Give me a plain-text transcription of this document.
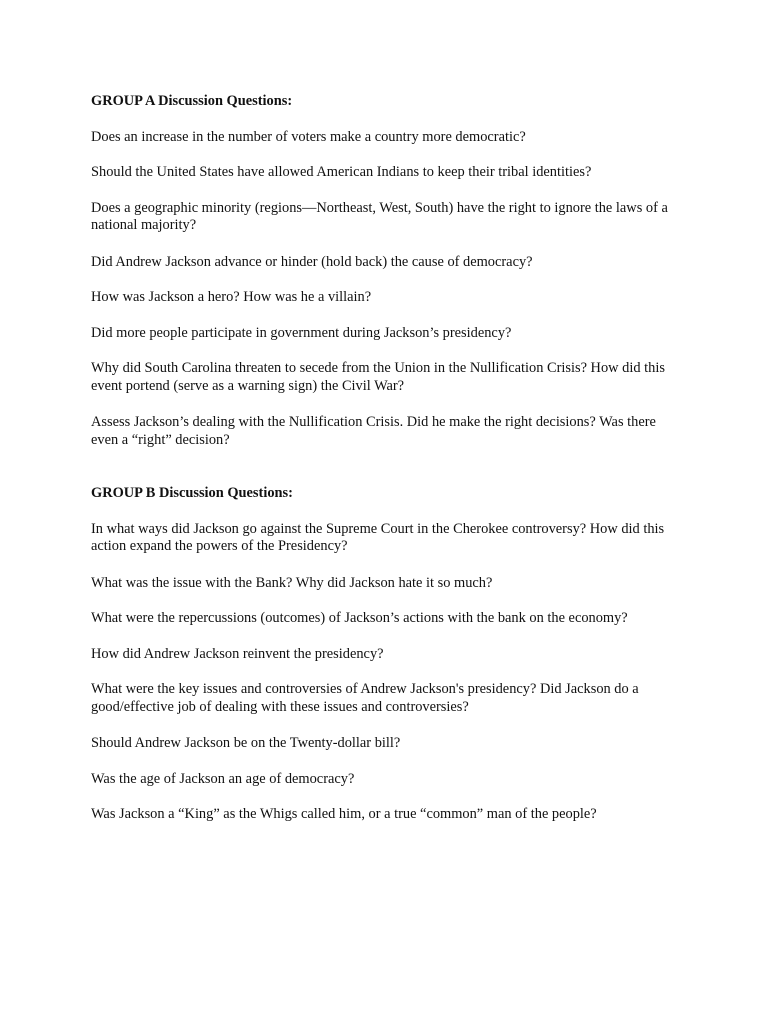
GROUP A Discussion Questions:

Does an increase in the number of voters make a country more democratic?

Should the United States have allowed American Indians to keep their tribal identities?

Does a geographic minority (regions—Northeast, West, South) have the right to ignore the laws of a national majority?

Did Andrew Jackson advance or hinder (hold back) the cause of democracy?

How was Jackson a hero? How was he a villain?

Did more people participate in government during Jackson’s presidency?

Why did South Carolina threaten to secede from the Union in the Nullification Crisis? How did this event portend (serve as a warning sign) the Civil War?

Assess Jackson’s dealing with the Nullification Crisis. Did he make the right decisions? Was there even a “right” decision?

GROUP B Discussion Questions:

In what ways did Jackson go against the Supreme Court in the Cherokee controversy? How did this action expand the powers of the Presidency?

What was the issue with the Bank? Why did Jackson hate it so much?

What were the repercussions (outcomes) of Jackson’s actions with the bank on the economy?

How did Andrew Jackson reinvent the presidency?

What were the key issues and controversies of Andrew Jackson's presidency? Did Jackson do a good/effective job of dealing with these issues and controversies?

Should Andrew Jackson be on the Twenty-dollar bill?

Was the age of Jackson an age of democracy?

Was Jackson a “King” as the Whigs called him, or a true “common” man of the people?
